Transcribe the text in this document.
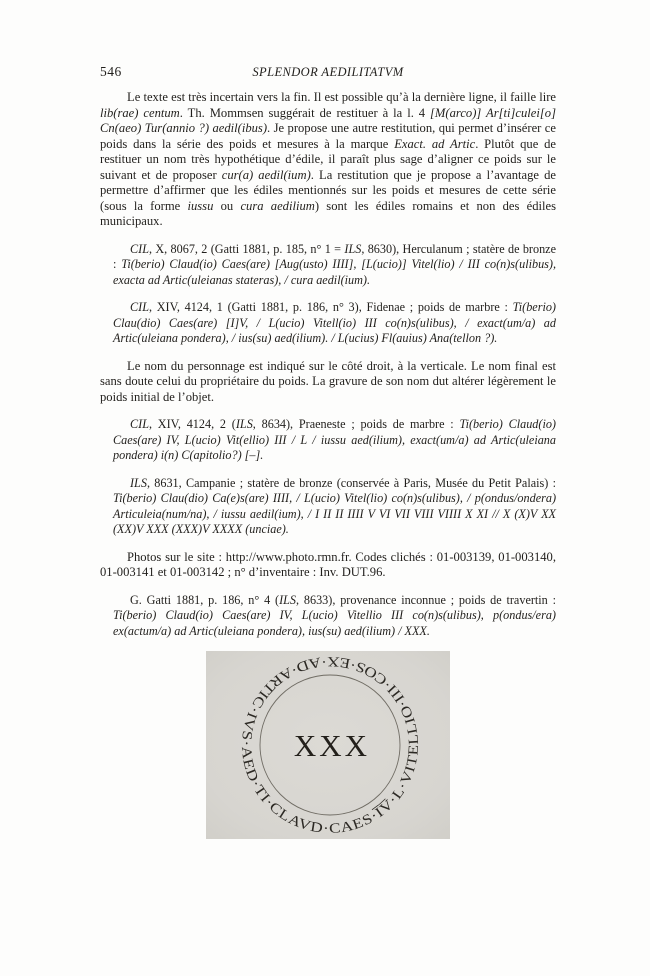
546	SPLENDOR AEDILITATVM

Le texte est très incertain vers la fin. Il est possible qu’à la dernière ligne, il faille lire lib(rae) centum. Th. Mommsen suggérait de restituer à la l. 4 [M(arco)] Ar[ti]culei[o] Cn(aeo) Tur(annio ?) aedil(ibus). Je propose une autre restitution, qui permet d’insérer ce poids dans la série des poids et mesures à la marque Exact. ad Artic. Plutôt que de restituer un nom très hypothétique d’édile, il paraît plus sage d’aligner ce poids sur le suivant et de proposer cur(a) aedil(ium). La restitution que je propose a l’avantage de permettre d’affirmer que les édiles mentionnés sur les poids et mesures de cette série (sous la forme iussu ou cura aedilium) sont les édiles romains et non des édiles municipaux.

CIL, X, 8067, 2 (Gatti 1881, p. 185, n° 1 = ILS, 8630), Herculanum ; statère de bronze : Ti(berio) Claud(io) Caes(are) [Aug(usto) IIII], [L(ucio)] Vitel(lio) / III co(n)s(ulibus), exacta ad Artic(uleianas stateras), / cura aedil(ium).

CIL, XIV, 4124, 1 (Gatti 1881, p. 186, n° 3), Fidenae ; poids de marbre : Ti(berio) Clau(dio) Caes(are) [I]V, / L(ucio) Vitell(io) III co(n)s(ulibus), / exact(um/a) ad Artic(uleiana pondera), / ius(su) aed(ilium). / L(ucius) Fl(auius) Ana(tellon ?).

Le nom du personnage est indiqué sur le côté droit, à la verticale. Le nom final est sans doute celui du propriétaire du poids. La gravure de son nom dut altérer légèrement le poids initial de l’objet.

CIL, XIV, 4124, 2 (ILS, 8634), Praeneste ; poids de marbre : Ti(berio) Claud(io) Caes(are) IV, L(ucio) Vit(ellio) III / L / iussu aed(ilium), exact(um/a) ad Artic(uleiana pondera) i(n) C(apitolio?) [–].

ILS, 8631, Campanie ; statère de bronze (conservée à Paris, Musée du Petit Palais) : Ti(berio) Clau(dio) Ca(e)s(are) IIII, / L(ucio) Vitel(lio) co(n)s(ulibus), / p(ondus/ondera) Articuleia(num/na), / iussu aedil(ium), / I II II IIII V VI VII VIII VIIII X XI // X (X)V XX (XX)V XXX (XXX)V XXXX (unciae).

Photos sur le site : http://www.photo.rmn.fr. Codes clichés : 01-003139, 01-003140, 01-003141 et 01-003142 ; n° d’inventaire : Inv. DUT.96.

G. Gatti 1881, p. 186, n° 4 (ILS, 8633), provenance inconnue ; poids de travertin : Ti(berio) Claud(io) Caes(are) IV, L(ucio) Vitellio III co(n)s(ulibus), p(ondus/era) ex(actum/a) ad Artic(uleiana pondera), ius(su) aed(ilium) / XXX.

TI·CLAVD·CAES·I̅V̅·L·VITELLIO·III·COS·EX·AD·ARTIC·IVS·AED·
XXX
